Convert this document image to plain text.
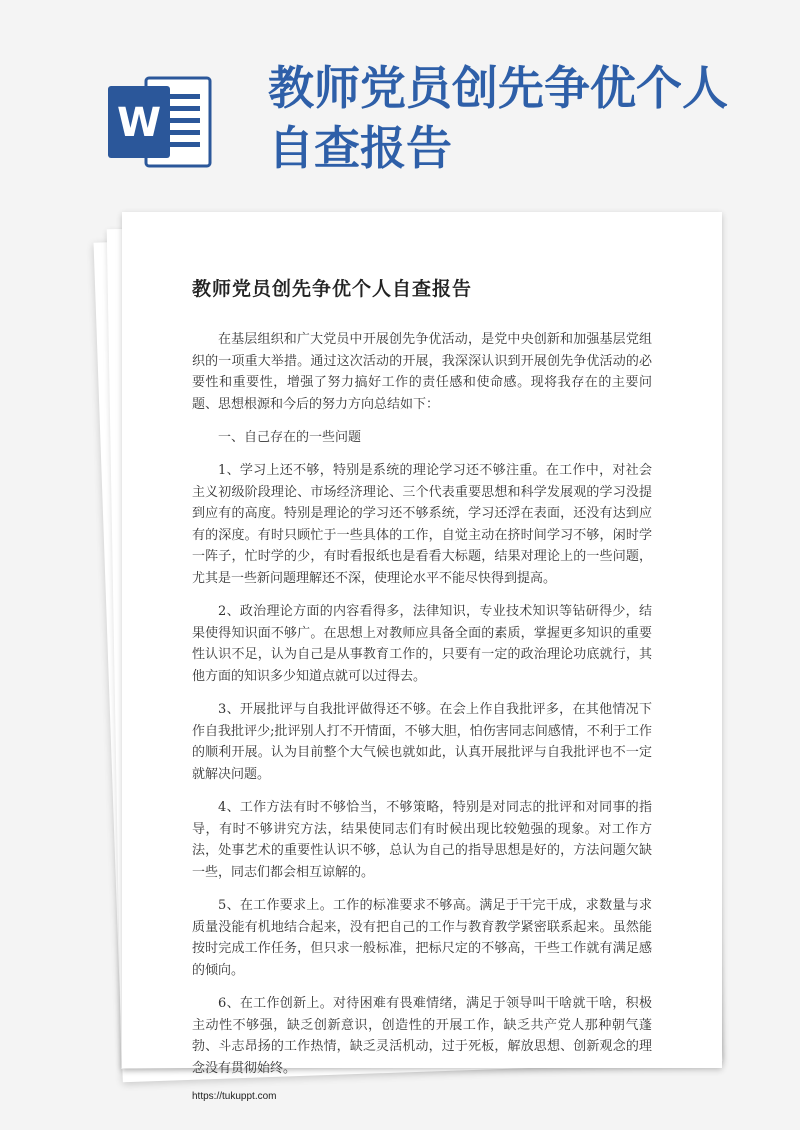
W
教师党员创先争优个人自查报告
教师党员创先争优个人自查报告

在基层组织和广大党员中开展创先争优活动，是党中央创新和加强基层党组织的一项重大举措。通过这次活动的开展，我深深认识到开展创先争优活动的必要性和重要性，增强了努力搞好工作的责任感和使命感。现将我存在的主要问题、思想根源和今后的努力方向总结如下：

一、自己存在的一些问题

1、学习上还不够，特别是系统的理论学习还不够注重。在工作中，对社会主义初级阶段理论、市场经济理论、三个代表重要思想和科学发展观的学习没提到应有的高度。特别是理论的学习还不够系统，学习还浮在表面，还没有达到应有的深度。有时只顾忙于一些具体的工作，自觉主动在挤时间学习不够，闲时学一阵子，忙时学的少，有时看报纸也是看看大标题，结果对理论上的一些问题，尤其是一些新问题理解还不深，使理论水平不能尽快得到提高。

2、政治理论方面的内容看得多，法律知识，专业技术知识等钻研得少，结果使得知识面不够广。在思想上对教师应具备全面的素质，掌握更多知识的重要性认识不足，认为自己是从事教育工作的，只要有一定的政治理论功底就行，其他方面的知识多少知道点就可以过得去。

3、开展批评与自我批评做得还不够。在会上作自我批评多，在其他情况下作自我批评少;批评别人打不开情面，不够大胆，怕伤害同志间感情，不利于工作的顺利开展。认为目前整个大气候也就如此，认真开展批评与自我批评也不一定就解决问题。

4、工作方法有时不够恰当，不够策略，特别是对同志的批评和对同事的指导，有时不够讲究方法，结果使同志们有时候出现比较勉强的现象。对工作方法，处事艺术的重要性认识不够，总认为自己的指导思想是好的，方法问题欠缺一些，同志们都会相互谅解的。

5、在工作要求上。工作的标准要求不够高。满足于干完干成，求数量与求质量没能有机地结合起来，没有把自己的工作与教育教学紧密联系起来。虽然能按时完成工作任务，但只求一般标准，把标尺定的不够高，干些工作就有满足感的倾向。

6、在工作创新上。对待困难有畏难情绪，满足于领导叫干啥就干啥，积极主动性不够强，缺乏创新意识，创造性的开展工作，缺乏共产党人那种朝气蓬勃、斗志昂扬的工作热情，缺乏灵活机动，过于死板，解放思想、创新观念的理念没有贯彻始终。

https://tukuppt.com
